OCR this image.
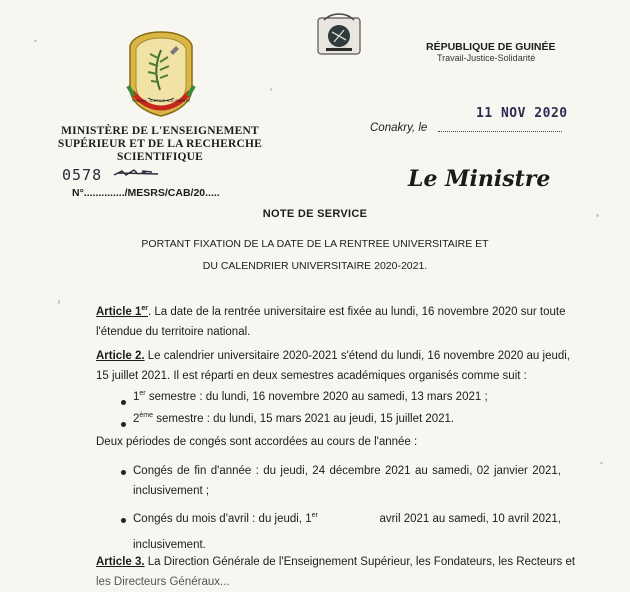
TRAVAIL JUSTICE SOLIDARITÉ
MINISTÈRE DE L'ENSEIGNEMENT
SUPÉRIEUR ET DE LA RECHERCHE
SCIENTIFIQUE
0578
N°............../MESRS/CAB/20.....
RÉPUBLIQUE DE GUINÉE
Travail-Justice-Solidarité
11 NOV 2020
Conakry, le
Le Ministre
NOTE DE SERVICE
PORTANT FIXATION DE LA DATE DE LA RENTREE UNIVERSITAIRE ET
DU CALENDRIER UNIVERSITAIRE 2020-2021.
Article 1er. La date de la rentrée universitaire est fixée au lundi, 16 novembre 2020 sur toute
l'étendue du territoire national.
Article 2. Le calendrier universitaire 2020-2021 s'étend du lundi, 16 novembre 2020 au jeudi,
15 juillet 2021. Il est réparti en deux semestres académiques organisés comme suit :
1er semestre : du lundi, 16 novembre 2020 au samedi, 13 mars 2021 ;
2ème semestre : du lundi, 15 mars 2021 au jeudi, 15 juillet 2021.
Deux périodes de congés sont accordées au cours de l'année :
Congés de fin d'année : du jeudi, 24 décembre 2021 au samedi, 02 janvier 2021,
inclusivement ;
Congés du mois d'avril : du jeudi, 1er	avril 2021 au samedi, 10 avril 2021,
inclusivement.
Article 3. La Direction Générale de l'Enseignement Supérieur, les Fondateurs, les Recteurs et
les Directeurs Généraux...
